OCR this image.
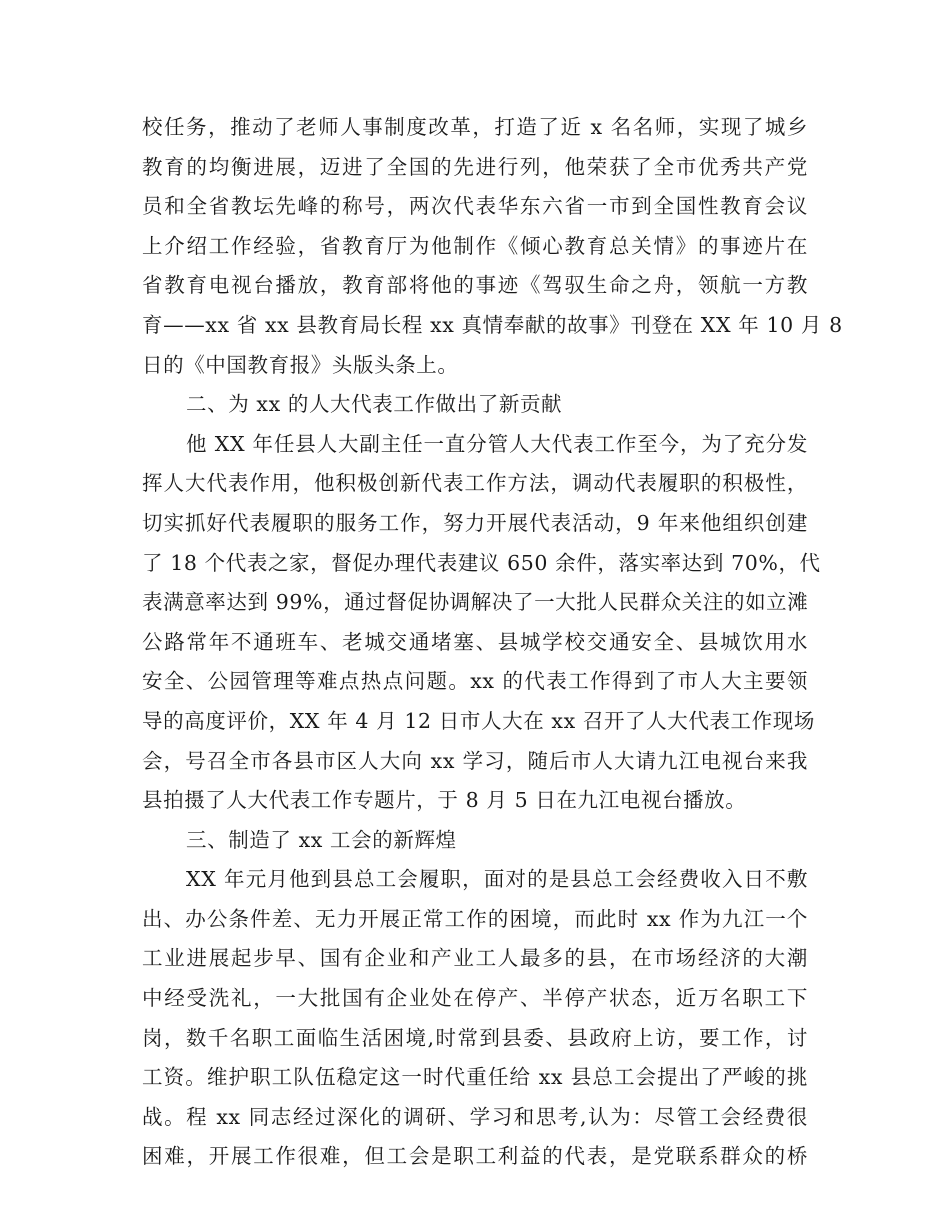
校任务，推动了老师人事制度改革，打造了近 x 名名师，实现了城乡
教育的均衡进展，迈进了全国的先进行列，他荣获了全市优秀共产党
员和全省教坛先峰的称号，两次代表华东六省一市到全国性教育会议
上介绍工作经验，省教育厅为他制作《倾心教育总关情》的事迹片在
省教育电视台播放，教育部将他的事迹《驾驭生命之舟，领航一方教
育——xx 省 xx 县教育局长程 xx 真情奉献的故事》刊登在 XX 年 10 月 8
日的《中国教育报》头版头条上。
二、为 xx 的人大代表工作做出了新贡献
他 XX 年任县人大副主任一直分管人大代表工作至今，为了充分发
挥人大代表作用，他积极创新代表工作方法，调动代表履职的积极性，
切实抓好代表履职的服务工作，努力开展代表活动，9 年来他组织创建
了 18 个代表之家，督促办理代表建议 650 余件，落实率达到 70%，代
表满意率达到 99%，通过督促协调解决了一大批人民群众关注的如立滩
公路常年不通班车、老城交通堵塞、县城学校交通安全、县城饮用水
安全、公园管理等难点热点问题。xx 的代表工作得到了市人大主要领
导的高度评价，XX 年 4 月 12 日市人大在 xx 召开了人大代表工作现场
会，号召全市各县市区人大向 xx 学习，随后市人大请九江电视台来我
县拍摄了人大代表工作专题片，于 8 月 5 日在九江电视台播放。
三、制造了 xx 工会的新辉煌
XX 年元月他到县总工会履职，面对的是县总工会经费收入日不敷
出、办公条件差、无力开展正常工作的困境，而此时 xx 作为九江一个
工业进展起步早、国有企业和产业工人最多的县，在市场经济的大潮
中经受洗礼，一大批国有企业处在停产、半停产状态，近万名职工下
岗，数千名职工面临生活困境,时常到县委、县政府上访，要工作，讨
工资。维护职工队伍稳定这一时代重任给 xx 县总工会提出了严峻的挑
战。程 xx 同志经过深化的调研、学习和思考,认为：尽管工会经费很
困难，开展工作很难，但工会是职工利益的代表，是党联系群众的桥
